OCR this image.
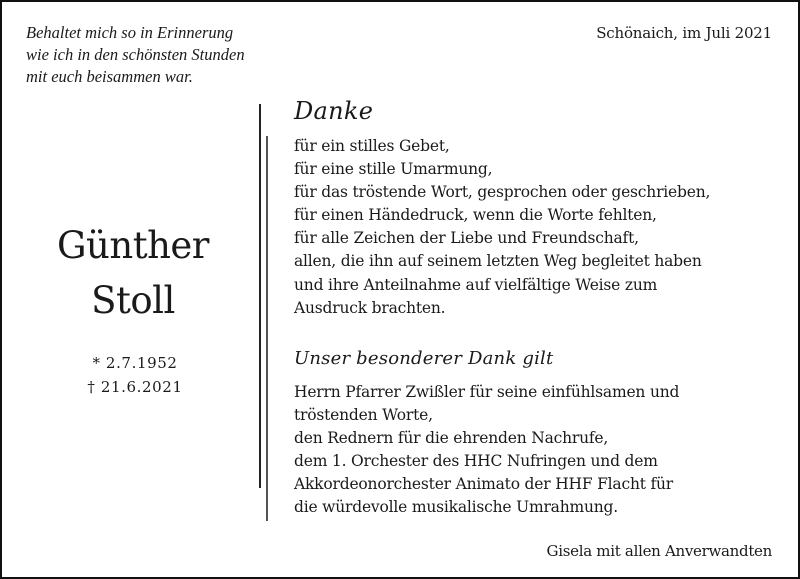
Behaltet mich so in Erinnerung
wie ich in den schönsten Stunden
mit euch beisammen war.
Schönaich, im Juli 2021
Günther
Stoll
* 2.7.1952
† 21.6.2021
Danke
für ein stilles Gebet,
für eine stille Umarmung,
für das tröstende Wort, gesprochen oder geschrieben,
für einen Händedruck, wenn die Worte fehlten,
für alle Zeichen der Liebe und Freundschaft,
allen, die ihn auf seinem letzten Weg begleitet haben
und ihre Anteilnahme auf vielfältige Weise zum
Ausdruck brachten.
Unser besonderer Dank gilt
Herrn Pfarrer Zwißler für seine einfühlsamen und
tröstenden Worte,
den Rednern für die ehrenden Nachrufe,
dem 1. Orchester des HHC Nufringen und dem
Akkordeonorchester Animato der HHF Flacht für
die würdevolle musikalische Umrahmung.
Gisela mit allen Anverwandten
